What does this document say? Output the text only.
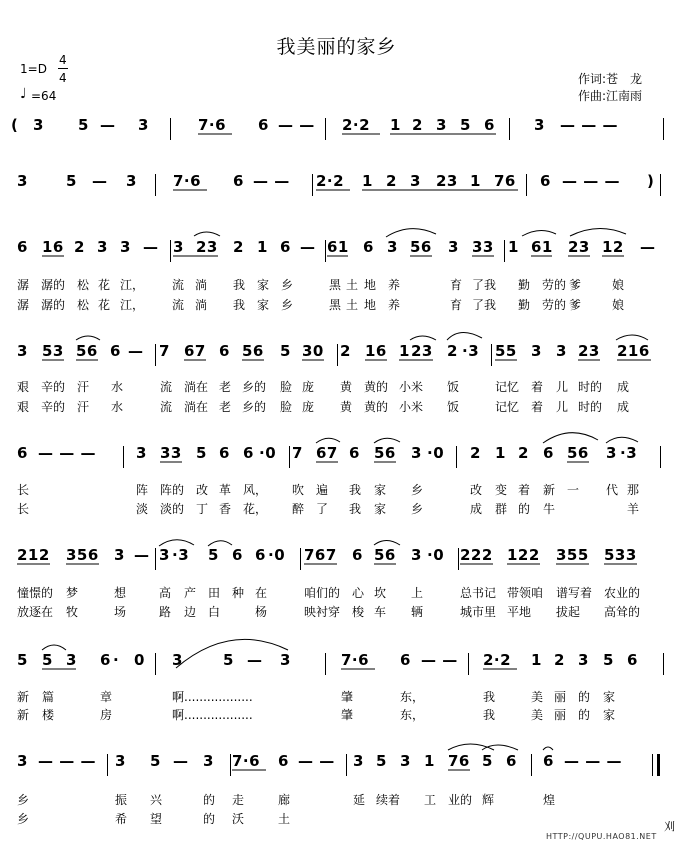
我美丽的家乡
1=D
4
4
♩ =64
作词:苍　龙
作曲:江南雨
( 3 5 — 3	7·6 6 — — 2·2 1 2 3 5 6	3 — — —
3	5 — 3 7·6 6 — — 2·2 1 2 3 23 1 76 6 — — — )
6 16 2 3 3 — 3 23 2 1 6 — 61 6 3 56 3 33 1 61 23 12 —
3 53 56 6 — 7 67 6 56 5 30 2 16 1 23 2 ·3 55 3 3 23 216
6 — — —	3 33 5 6 6 ·0 7 67 6 56 3 ·0 2 1 2 6 56 3 ·3
212 356 3 — 3 ·3 5 6 6 ·0 767 6 56 3 ·0 222 122 355 533
5 5 3 6 · 0 3	5 — 3	7·6 6 — — 2·2 1 2 3 5 6
3 — — — 3 5 — 3 7·6 6 — — 3 5 3 1 76 5 6 6 — — —
潺 潺的 松 花 江， 流 淌 我 家 乡	黑 土 地 养	育 了我 勤 劳的 爹	娘
潺 潺的 松 花 江， 流 淌 我 家 乡	黑 土 地 养	育 了我 勤 劳的 爹	娘
艰 辛的 汗 水	流 淌在 老 乡的 脸 庞 黄 黄的 小米 饭	记忆 着 儿 时的 成
艰 辛的 汗 水	流 淌在 老 乡的 脸 庞 黄 黄的 小米 饭	记忆 着 儿 时的 成
长	阵 阵的 改 革 风， 吹 遍 我 家 乡	改 变 着 新 一 代 那
长	淡 淡的 丁 香 花， 醉 了 我 家 乡	成 群 的 牛	羊
憧憬的 梦	想	高 产 田 种 在	咱们的 心 坎 上	总书记 带领咱 谱写着 农业的
放逐在 牧	场	路 边 白	杨	映衬穿 梭 车 辆	城市里 平地 拔起 高耸的
新 篇	章	啊..................	肇	东，	我	美 丽 的 家
新 楼	房	啊..................	肇	东，	我	美 丽 的 家
乡	振 兴	的 走	廊	延 续着 工 业的 辉	煌
乡	希 望	的 沃	土
HTTP://QUPU.HAO81.NET
刈
